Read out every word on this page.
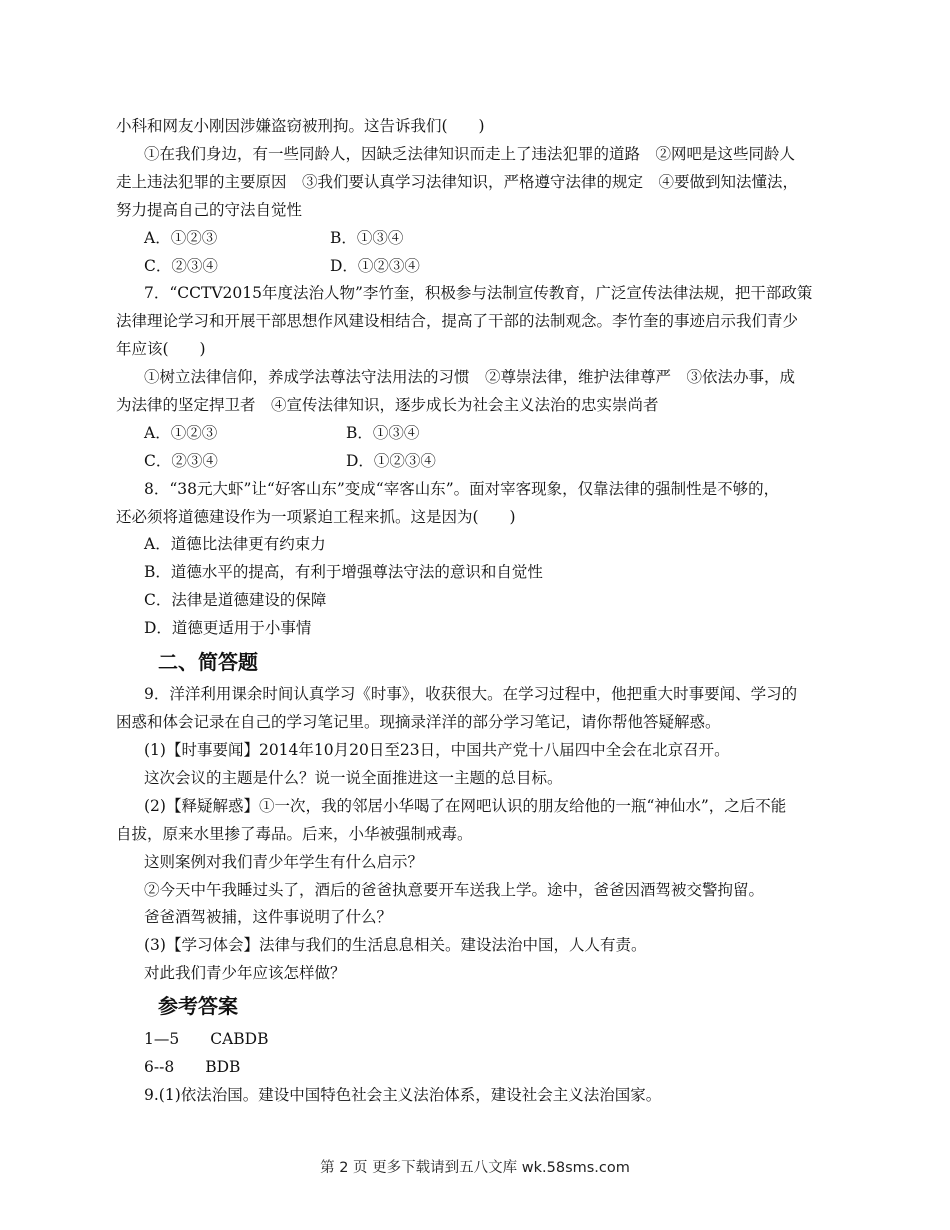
小科和网友小刚因涉嫌盗窃被刑拘。这告诉我们(　　)
①在我们身边，有一些同龄人，因缺乏法律知识而走上了违法犯罪的道路　②网吧是这些同龄人
走上违法犯罪的主要原因　③我们要认真学习法律知识，严格遵守法律的规定　④要做到知法懂法，
努力提高自己的守法自觉性
A．①②③	B．①③④
C．②③④	D．①②③④
7．“CCTV2015年度法治人物”李竹奎，积极参与法制宣传教育，广泛宣传法律法规，把干部政策
法律理论学习和开展干部思想作风建设相结合，提高了干部的法制观念。李竹奎的事迹启示我们青少
年应该(　　)
①树立法律信仰，养成学法尊法守法用法的习惯　②尊崇法律，维护法律尊严　③依法办事，成
为法律的坚定捍卫者　④宣传法律知识，逐步成长为社会主义法治的忠实崇尚者
A．①②③	B．①③④
C．②③④	D．①②③④
8．“38元大虾”让“好客山东”变成“宰客山东”。面对宰客现象，仅靠法律的强制性是不够的，
还必须将道德建设作为一项紧迫工程来抓。这是因为(　　)
A．道德比法律更有约束力
B．道德水平的提高，有利于增强尊法守法的意识和自觉性
C．法律是道德建设的保障
D．道德更适用于小事情
二、简答题
9．洋洋利用课余时间认真学习《时事》，收获很大。在学习过程中，他把重大时事要闻、学习的
困惑和体会记录在自己的学习笔记里。现摘录洋洋的部分学习笔记，请你帮他答疑解惑。
(1)【时事要闻】2014年10月20日至23日，中国共产党十八届四中全会在北京召开。
这次会议的主题是什么？说一说全面推进这一主题的总目标。
(2)【释疑解惑】①一次，我的邻居小华喝了在网吧认识的朋友给他的一瓶“神仙水”，之后不能
自拔，原来水里掺了毒品。后来，小华被强制戒毒。
这则案例对我们青少年学生有什么启示？
②今天中午我睡过头了，酒后的爸爸执意要开车送我上学。途中，爸爸因酒驾被交警拘留。
爸爸酒驾被捕，这件事说明了什么？
(3)【学习体会】法律与我们的生活息息相关。建设法治中国，人人有责。
对此我们青少年应该怎样做？
参考答案
1—5　　CABDB
6--8　　BDB
9.(1)依法治国。建设中国特色社会主义法治体系，建设社会主义法治国家。
第 2 页 更多下载请到五八文库 wk.58sms.com
